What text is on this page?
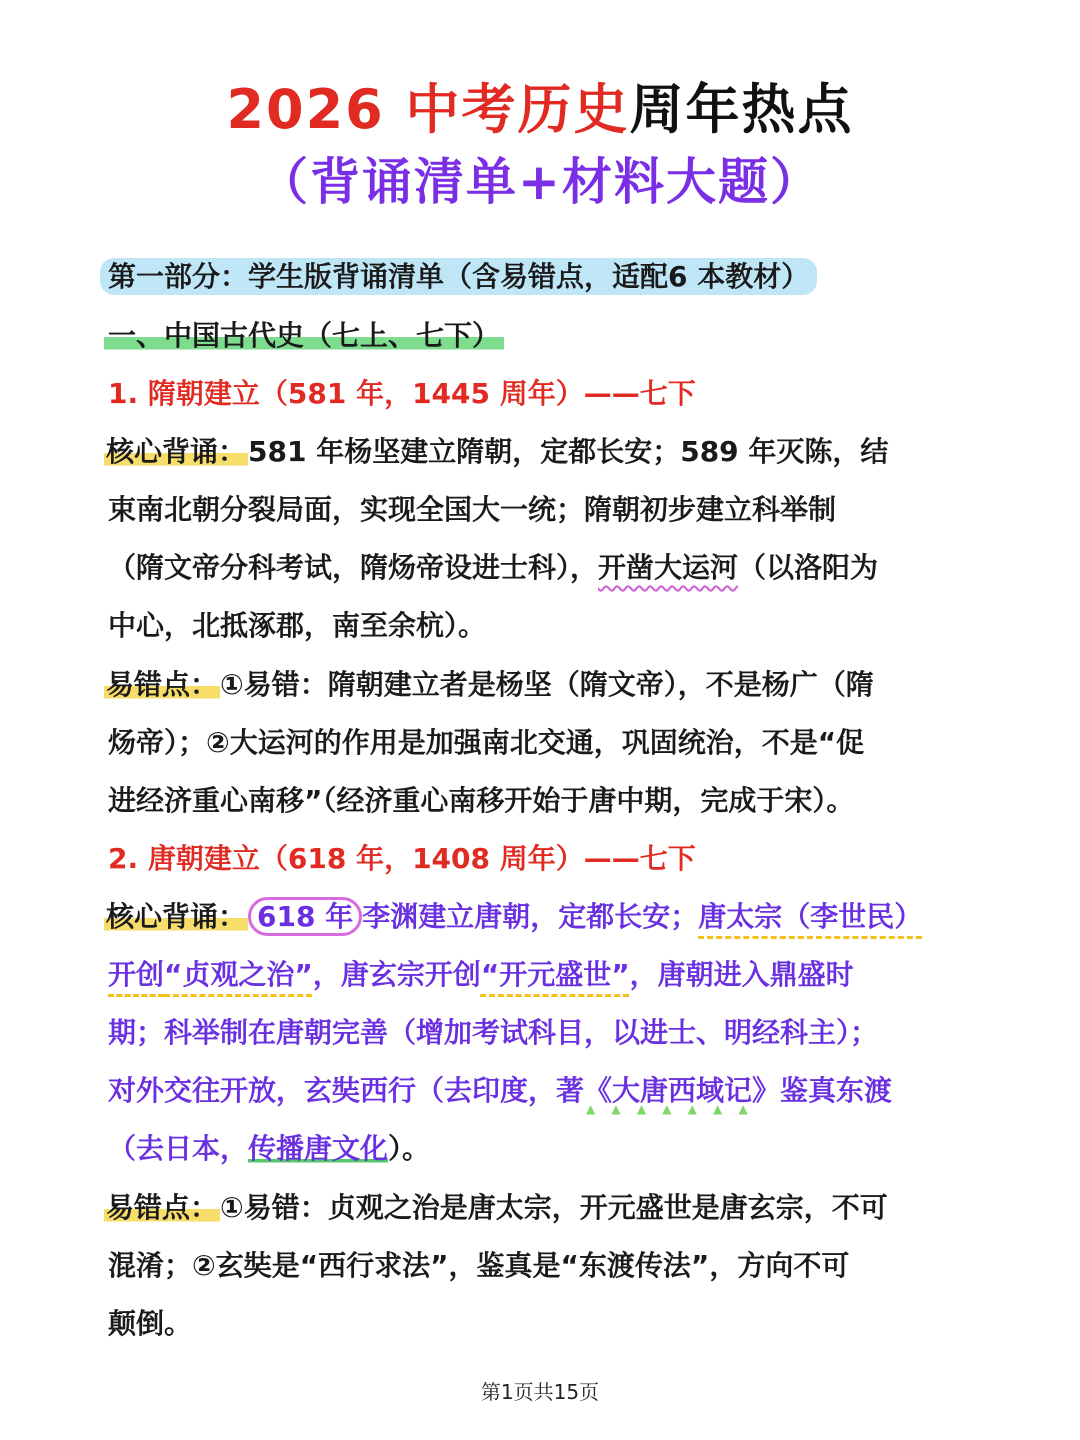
2026 中考历史周年热点
（背诵清单+材料大题）
第一部分：学生版背诵清单（含易错点，适配6 本教材）
一、中国古代史（七上、七下）
1. 隋朝建立（581 年，1445 周年）——七下
核心背诵：581 年杨坚建立隋朝，定都长安；589 年灭陈，结
束南北朝分裂局面，实现全国大一统；隋朝初步建立科举制
（隋文帝分科考试，隋炀帝设进士科），开凿大运河（以洛阳为
中心，北抵涿郡，南至余杭）。
易错点：①易错：隋朝建立者是杨坚（隋文帝），不是杨广（隋
炀帝）；②大运河的作用是加强南北交通，巩固统治，不是“促
进经济重心南移”（经济重心南移开始于唐中期，完成于宋）。
2. 唐朝建立（618 年，1408 周年）——七下
核心背诵： 618 年 李渊建立唐朝，定都长安；唐太宗（李世民）
开创“贞观之治”，唐玄宗开创“开元盛世”，唐朝进入鼎盛时
期；科举制在唐朝完善（增加考试科目，以进士、明经科主）；
对外交往开放，玄奘西行（去印度，著《大唐西域记》 ▲ ▲ ▲ ▲ ▲ ▲ ▲鉴真东渡
（去日本，传播唐文化）。
易错点：①易错：贞观之治是唐太宗，开元盛世是唐玄宗，不可
混淆；②玄奘是“西行求法”，鉴真是“东渡传法”，方向不可
颠倒。
第1页共15页
